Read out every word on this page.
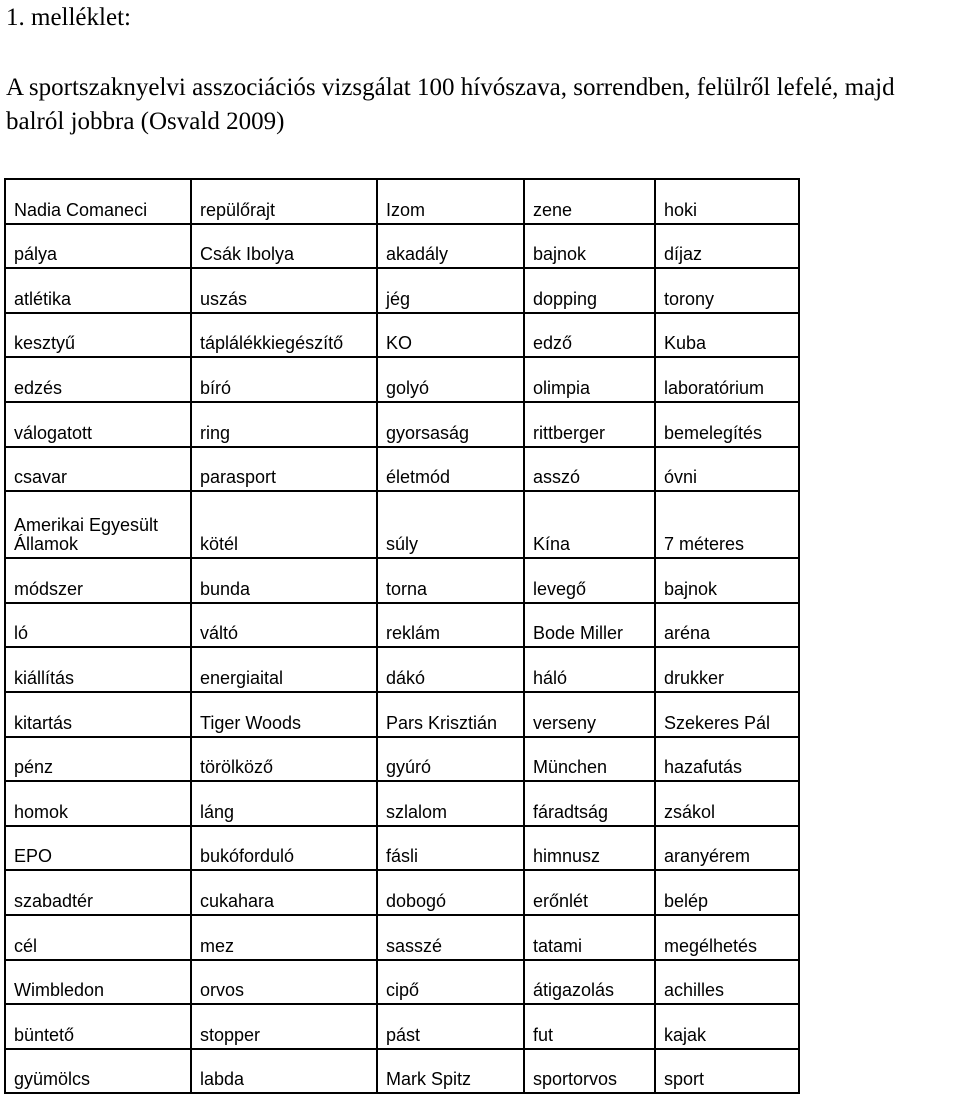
1. melléklet:

A sportszaknyelvi asszociációs vizsgálat 100 hívószava, sorrendben, felülről lefelé, majd balról jobbra (Osvald 2009)

Nadia Comaneci	repülőrajt	Izom	zene	hoki
pálya	Csák Ibolya	akadály	bajnok	díjaz
atlétika	uszás	jég	dopping	torony
kesztyű	táplálékkiegészítő	KO	edző	Kuba
edzés	bíró	golyó	olimpia	laboratórium
válogatott	ring	gyorsaság	rittberger	bemelegítés
csavar	parasport	életmód	asszó	óvni
Amerikai Egyesült Államok	kötél	súly	Kína	7 méteres
módszer	bunda	torna	levegő	bajnok
ló	váltó	reklám	Bode Miller	aréna
kiállítás	energiaital	dákó	háló	drukker
kitartás	Tiger Woods	Pars Krisztián	verseny	Szekeres Pál
pénz	törölköző	gyúró	München	hazafutás
homok	láng	szlalom	fáradtság	zsákol
EPO	bukóforduló	fásli	himnusz	aranyérem
szabadtér	cukahara	dobogó	erőnlét	belép
cél	mez	sasszé	tatami	megélhetés
Wimbledon	orvos	cipő	átigazolás	achilles
büntető	stopper	pást	fut	kajak
gyümölcs	labda	Mark Spitz	sportorvos	sport
